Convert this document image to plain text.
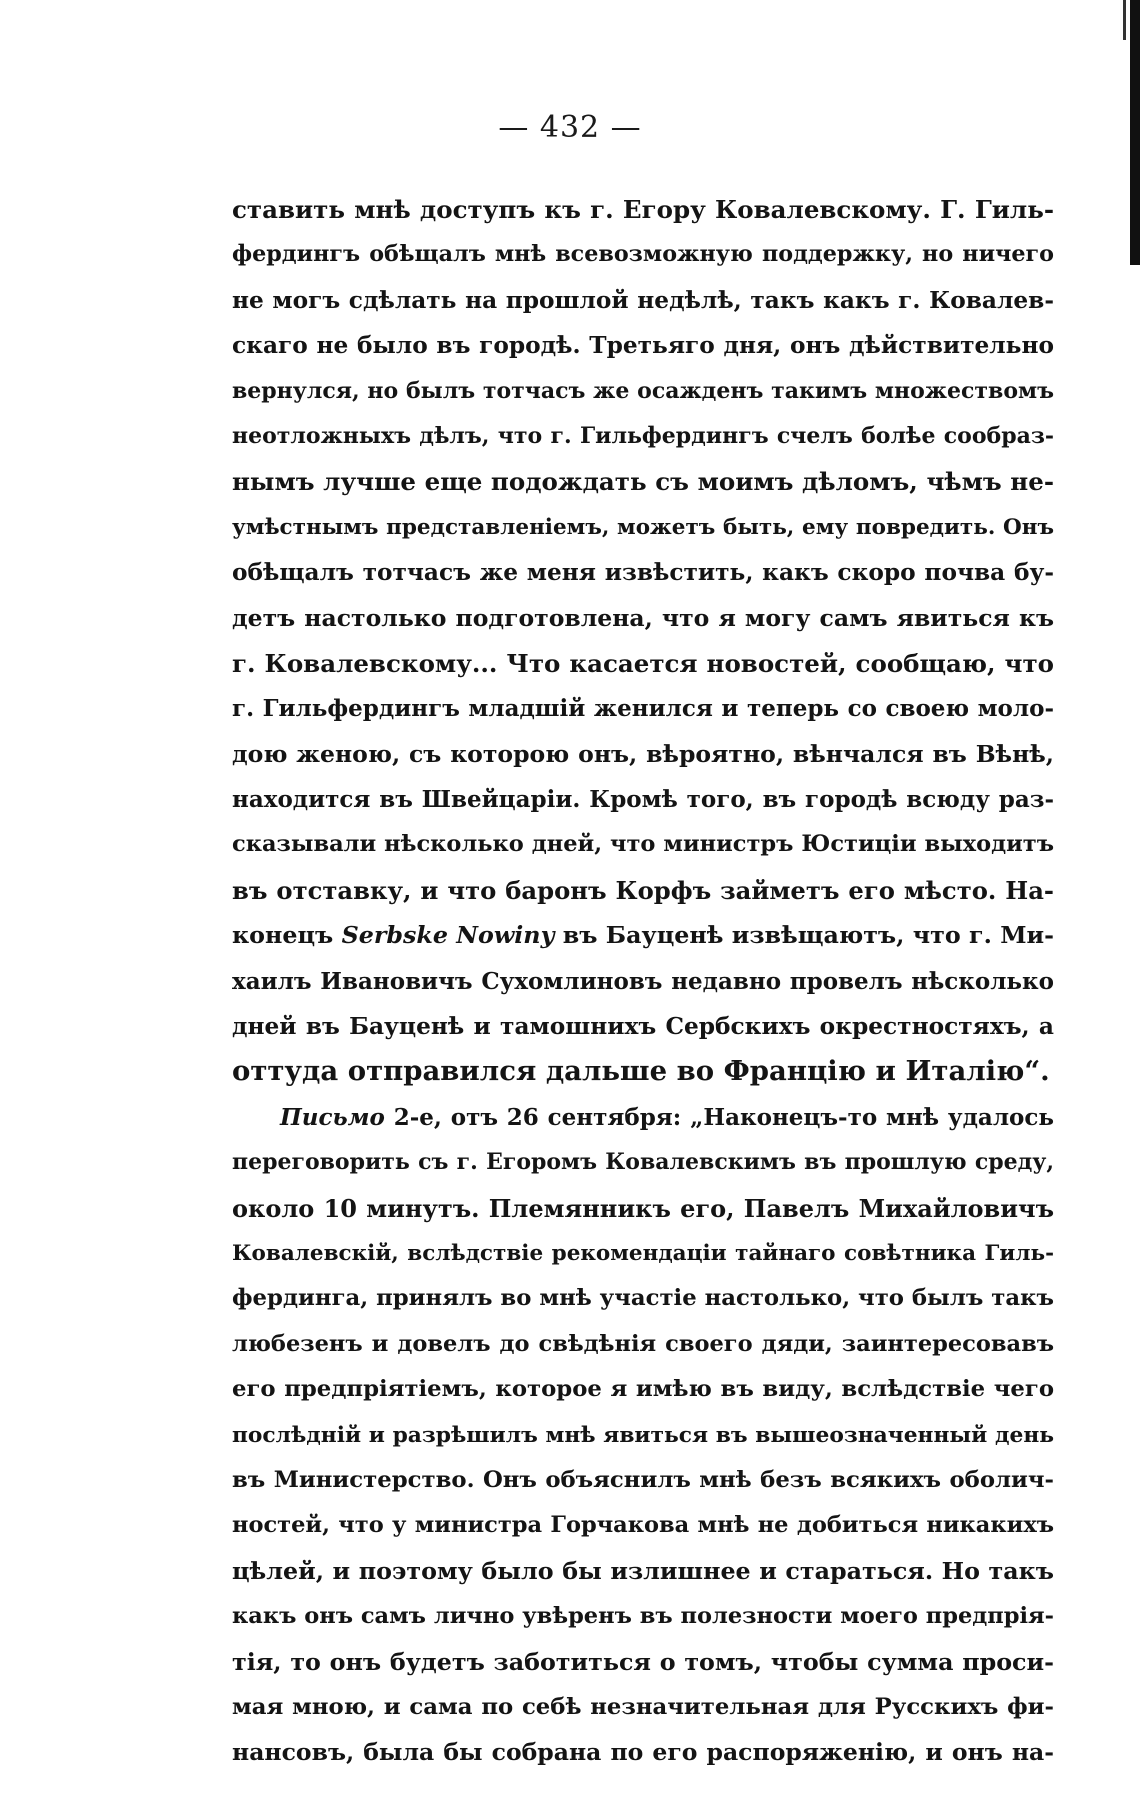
— 432 —
ставить мнѣ доступъ къ г. Егору Ковалевскому. Г. Гиль-
фердингъ обѣщалъ мнѣ всевозможную поддержку, но ничего
не могъ сдѣлать на прошлой недѣлѣ, такъ какъ г. Ковалев-
скаго не было въ городѣ. Третьяго дня, онъ дѣйствительно
вернулся, но былъ тотчасъ же осажденъ такимъ множествомъ
неотложныхъ дѣлъ, что г. Гильфердингъ счелъ болѣе сообраз-
нымъ лучше еще подождать съ моимъ дѣломъ, чѣмъ не-
умѣстнымъ представленіемъ, можетъ быть, ему повредить. Онъ
обѣщалъ тотчасъ же меня извѣстить, какъ скоро почва бу-
детъ настолько подготовлена, что я могу самъ явиться къ
г. Ковалевскому... Что касается новостей, сообщаю, что
г. Гильфердингъ младшій женился и теперь со своею моло-
дою женою, съ которою онъ, вѣроятно, вѣнчался въ Вѣнѣ,
находится въ Швейцаріи. Кромѣ того, въ городѣ всюду раз-
сказывали нѣсколько дней, что министръ Юстиціи выходитъ
въ отставку, и что баронъ Корфъ займетъ его мѣсто. На-
конецъ Serbske Nowiny въ Бауценѣ извѣщаютъ, что г. Ми-
хаилъ Ивановичъ Сухомлиновъ недавно провелъ нѣсколько
дней въ Бауценѣ и тамошнихъ Сербскихъ окрестностяхъ, а
оттуда отправился дальше во Францію и Италію“.
Письмо 2-е, отъ 26 сентября: „Наконецъ-то мнѣ удалось
переговорить съ г. Егоромъ Ковалевскимъ въ прошлую среду,
около 10 минутъ. Племянникъ его, Павелъ Михайловичъ
Ковалевскій, вслѣдствіе рекомендаціи тайнаго совѣтника Гиль-
фердинга, принялъ во мнѣ участіе настолько, что былъ такъ
любезенъ и довелъ до свѣдѣнія своего дяди, заинтересовавъ
его предпріятіемъ, которое я имѣю въ виду, вслѣдствіе чего
послѣдній и разрѣшилъ мнѣ явиться въ вышеозначенный день
въ Министерство. Онъ объяснилъ мнѣ безъ всякихъ оболич-
ностей, что у министра Горчакова мнѣ не добиться никакихъ
цѣлей, и поэтому было бы излишнее и стараться. Но такъ
какъ онъ самъ лично увѣренъ въ полезности моего предпрія-
тія, то онъ будетъ заботиться о томъ, чтобы сумма проси-
мая мною, и сама по себѣ незначительная для Русскихъ фи-
нансовъ, была бы собрана по его распоряженію, и онъ на-
